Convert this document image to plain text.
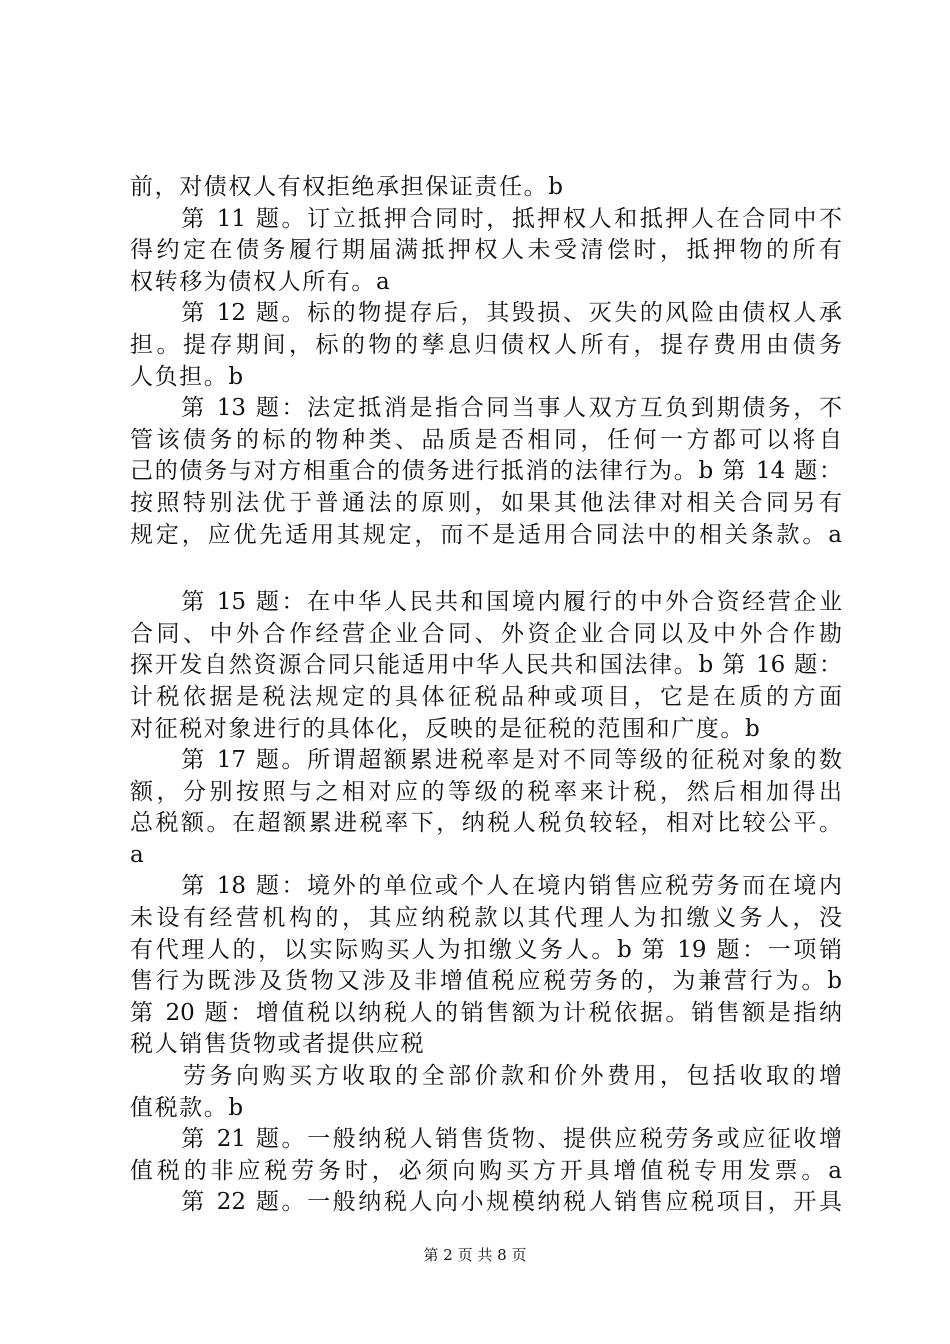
前，对债权人有权拒绝承担保证责任。b
　　第 11 题。订立抵押合同时，抵押权人和抵押人在合同中不
得约定在债务履行期届满抵押权人未受清偿时，抵押物的所有
权转移为债权人所有。a
　　第 12 题。标的物提存后，其毁损、灭失的风险由债权人承
担。提存期间，标的物的孳息归债权人所有，提存费用由债务
人负担。b
　　第 13 题：法定抵消是指合同当事人双方互负到期债务，不
管该债务的标的物种类、品质是否相同，任何一方都可以将自
己的债务与对方相重合的债务进行抵消的法律行为。b 第 14 题：
按照特别法优于普通法的原则，如果其他法律对相关合同另有
规定，应优先适用其规定，而不是适用合同法中的相关条款。a
　　第 15 题：在中华人民共和国境内履行的中外合资经营企业
合同、中外合作经营企业合同、外资企业合同以及中外合作勘
探开发自然资源合同只能适用中华人民共和国法律。b 第 16 题：
计税依据是税法规定的具体征税品种或项目，它是在质的方面
对征税对象进行的具体化，反映的是征税的范围和广度。b
　　第 17 题。所谓超额累进税率是对不同等级的征税对象的数
额，分别按照与之相对应的等级的税率来计税，然后相加得出
总税额。在超额累进税率下，纳税人税负较轻，相对比较公平。
a
　　第 18 题：境外的单位或个人在境内销售应税劳务而在境内
未设有经营机构的，其应纳税款以其代理人为扣缴义务人，没
有代理人的，以实际购买人为扣缴义务人。b 第 19 题：一项销
售行为既涉及货物又涉及非增值税应税劳务的，为兼营行为。b
第 20 题：增值税以纳税人的销售额为计税依据。销售额是指纳
税人销售货物或者提供应税
　　劳务向购买方收取的全部价款和价外费用，包括收取的增
值税款。b
　　第 21 题。一般纳税人销售货物、提供应税劳务或应征收增
值税的非应税劳务时，必须向购买方开具增值税专用发票。a
　　第 22 题。一般纳税人向小规模纳税人销售应税项目，开具
第 2 页 共 8 页
